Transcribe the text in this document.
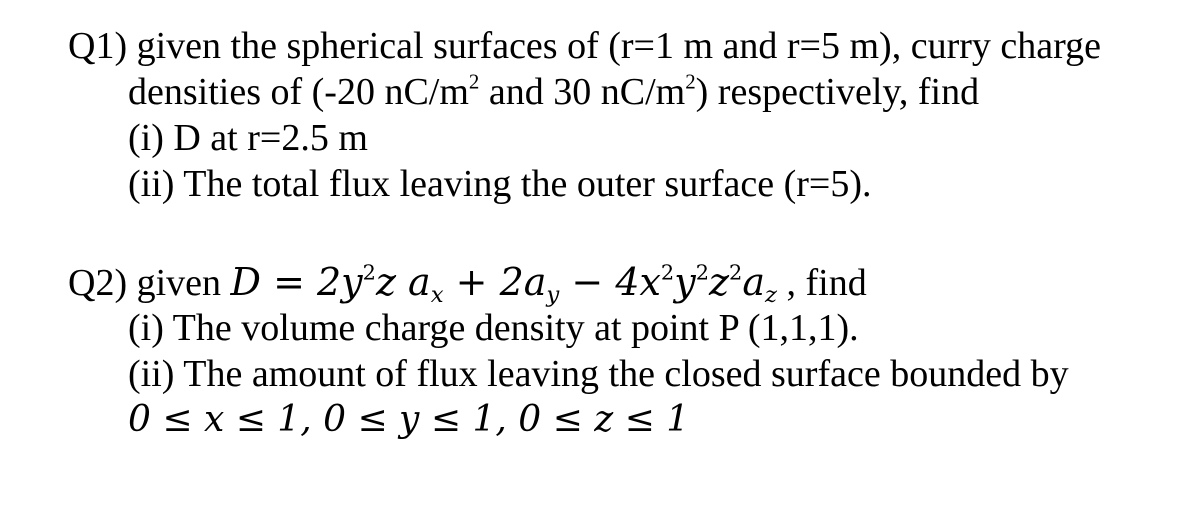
Q1) given the spherical surfaces of (r=1 m and r=5 m), curry charge
densities of (-20 $nC/m^2$ and 30 $nC/m^2$) respectively, find
(i) D at r=2.5 m
(ii) The total flux leaving the outer surface (r=5).
Q2) given $D = 2y^2z$ $a_x + 2a_y - 4x^2y^2z^2a_z$ , find
(i) The volume charge density at point P (1,1,1).
(ii) The amount of flux leaving the closed surface bounded by
0 ≤ x ≤ 1, 0 ≤ y ≤ 1, 0 ≤ z ≤ 1
